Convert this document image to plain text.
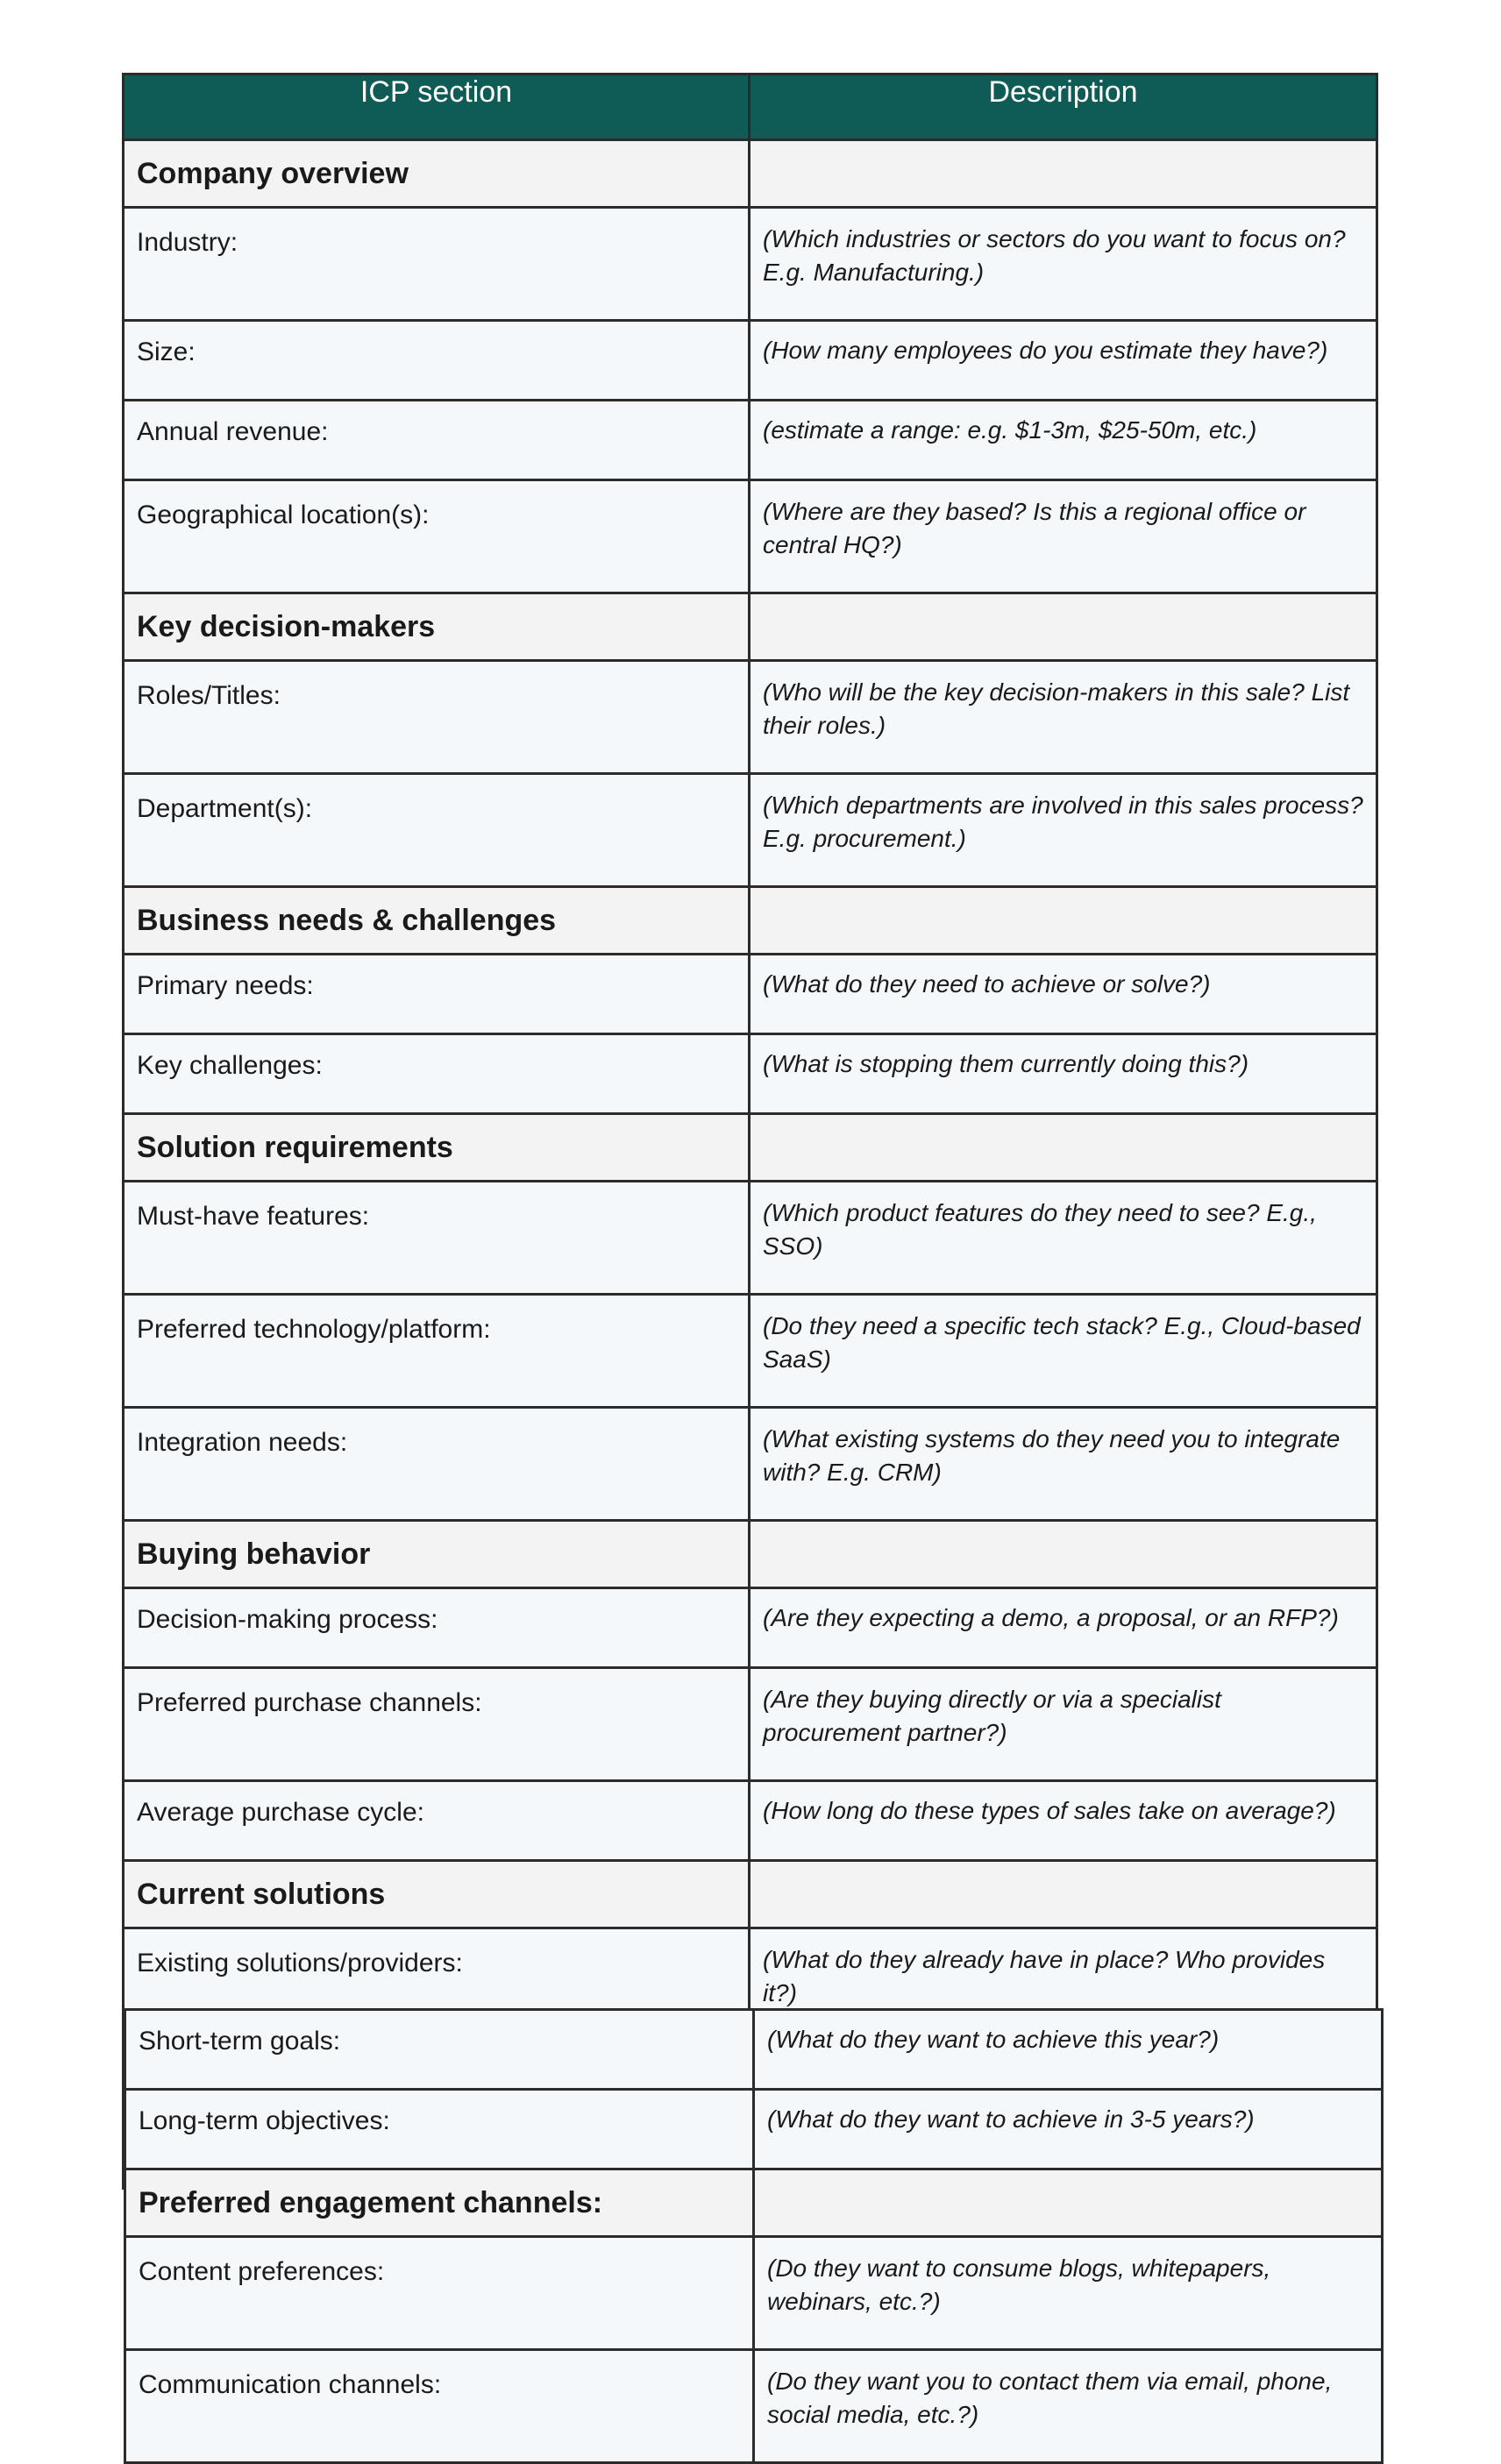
ICP section	Description
Company overview	
Industry:	(Which industries or sectors do you want to focus on? E.g. Manufacturing.)
Size:	(How many employees do you estimate they have?)
Annual revenue:	(estimate a range: e.g. $1-3m, $25-50m, etc.)
Geographical location(s):	(Where are they based? Is this a regional office or central HQ?)
Key decision-makers	
Roles/Titles:	(Who will be the key decision-makers in this sale? List their roles.)
Department(s):	(Which departments are involved in this sales process? E.g. procurement.)
Business needs & challenges	
Primary needs:	(What do they need to achieve or solve?)
Key challenges:	(What is stopping them currently doing this?)
Solution requirements	
Must-have features:	(Which product features do they need to see? E.g., SSO)
Preferred technology/platform:	(Do they need a specific tech stack? E.g., Cloud-based SaaS)
Integration needs:	(What existing systems do they need you to integrate with? E.g. CRM)
Buying behavior	
Decision-making process:	(Are they expecting a demo, a proposal, or an RFP?)
Preferred purchase channels:	(Are they buying directly or via a specialist procurement partner?)
Average purchase cycle:	(How long do these types of sales take on average?)
Current solutions	
Existing solutions/providers:	(What do they already have in place? Who provides it?)

Short-term goals:	(What do they want to achieve this year?)
Long-term objectives:	(What do they want to achieve in 3-5 years?)
Preferred engagement channels:	
Content preferences:	(Do they want to consume blogs, whitepapers, webinars, etc.?)
Communication channels:	(Do they want you to contact them via email, phone, social media, etc.?)
